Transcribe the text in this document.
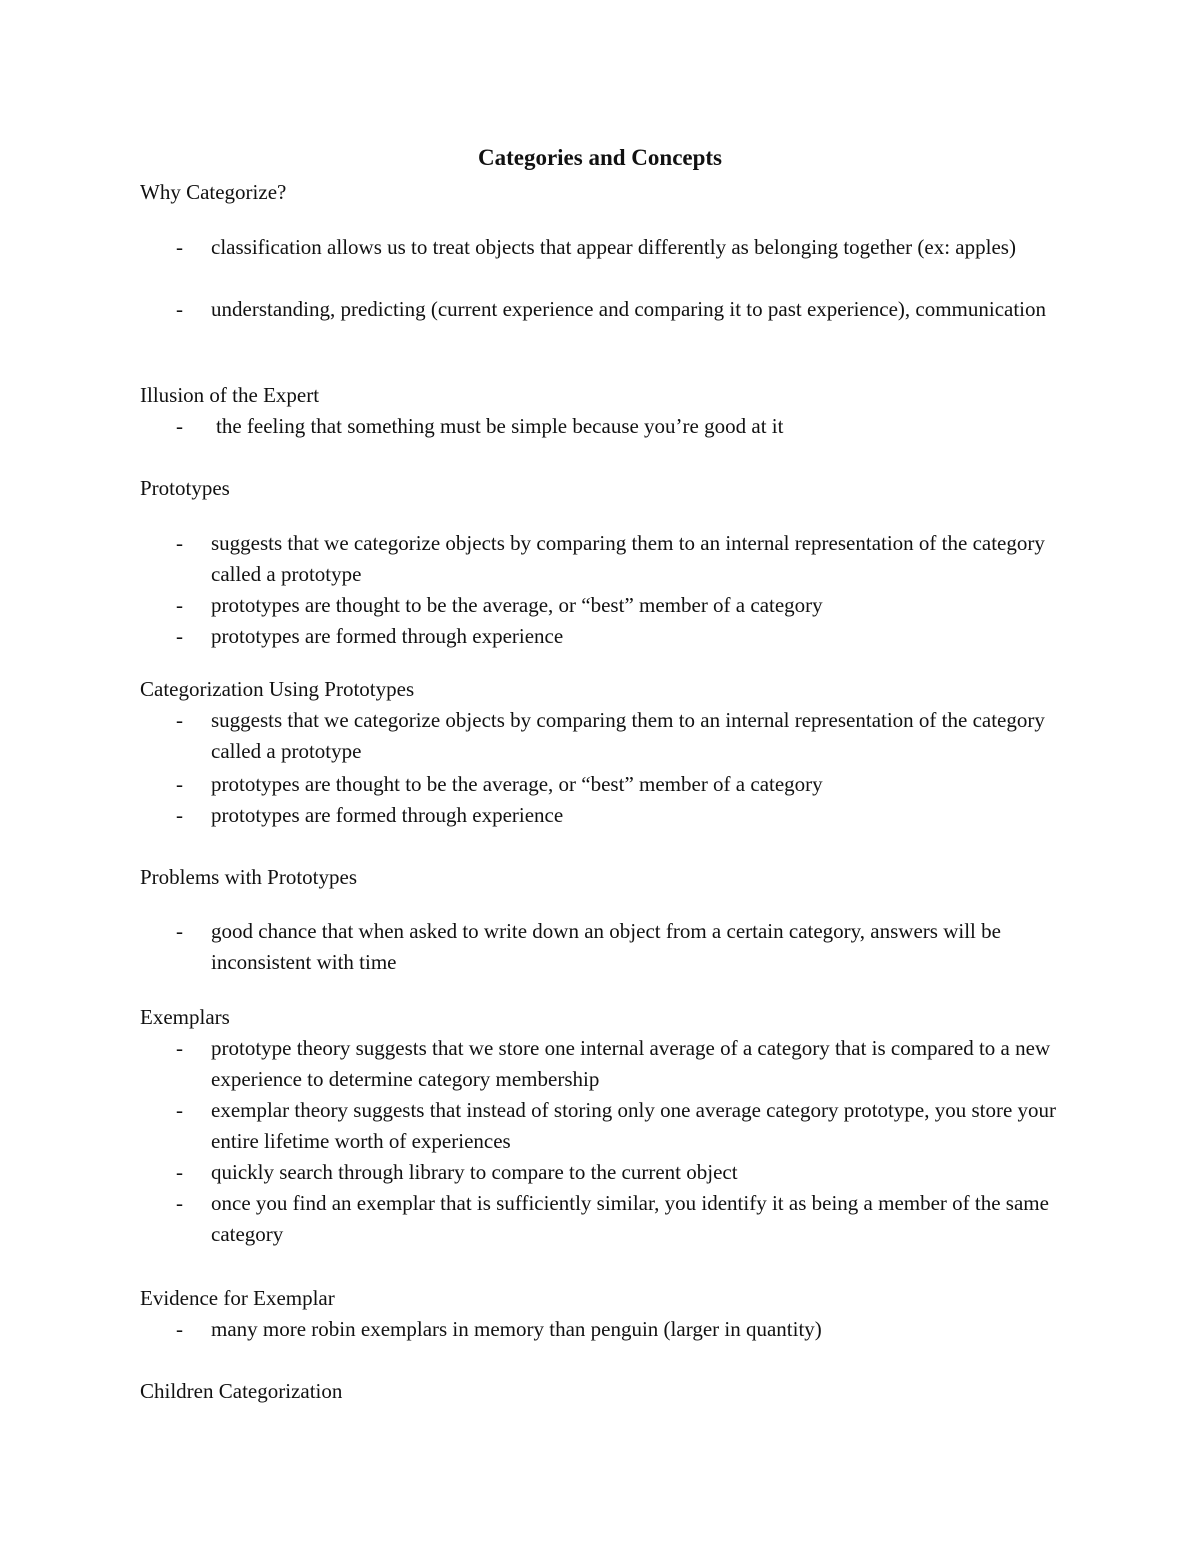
Categories and Concepts

Why Categorize?

- classification allows us to treat objects that appear differently as belonging together (ex: apples)
- understanding, predicting (current experience and comparing it to past experience), communication

Illusion of the Expert

- the feeling that something must be simple because you’re good at it

Prototypes

- suggests that we categorize objects by comparing them to an internal representation of the category called a prototype
- prototypes are thought to be the average, or “best” member of a category
- prototypes are formed through experience

Categorization Using Prototypes

- suggests that we categorize objects by comparing them to an internal representation of the category called a prototype
- prototypes are thought to be the average, or “best” member of a category
- prototypes are formed through experience

Problems with Prototypes

- good chance that when asked to write down an object from a certain category, answers will be inconsistent with time

Exemplars

- prototype theory suggests that we store one internal average of a category that is compared to a new experience to determine category membership
- exemplar theory suggests that instead of storing only one average category prototype, you store your entire lifetime worth of experiences
- quickly search through library to compare to the current object
- once you find an exemplar that is sufficiently similar, you identify it as being a member of the same category

Evidence for Exemplar

- many more robin exemplars in memory than penguin (larger in quantity)

Children Categorization
